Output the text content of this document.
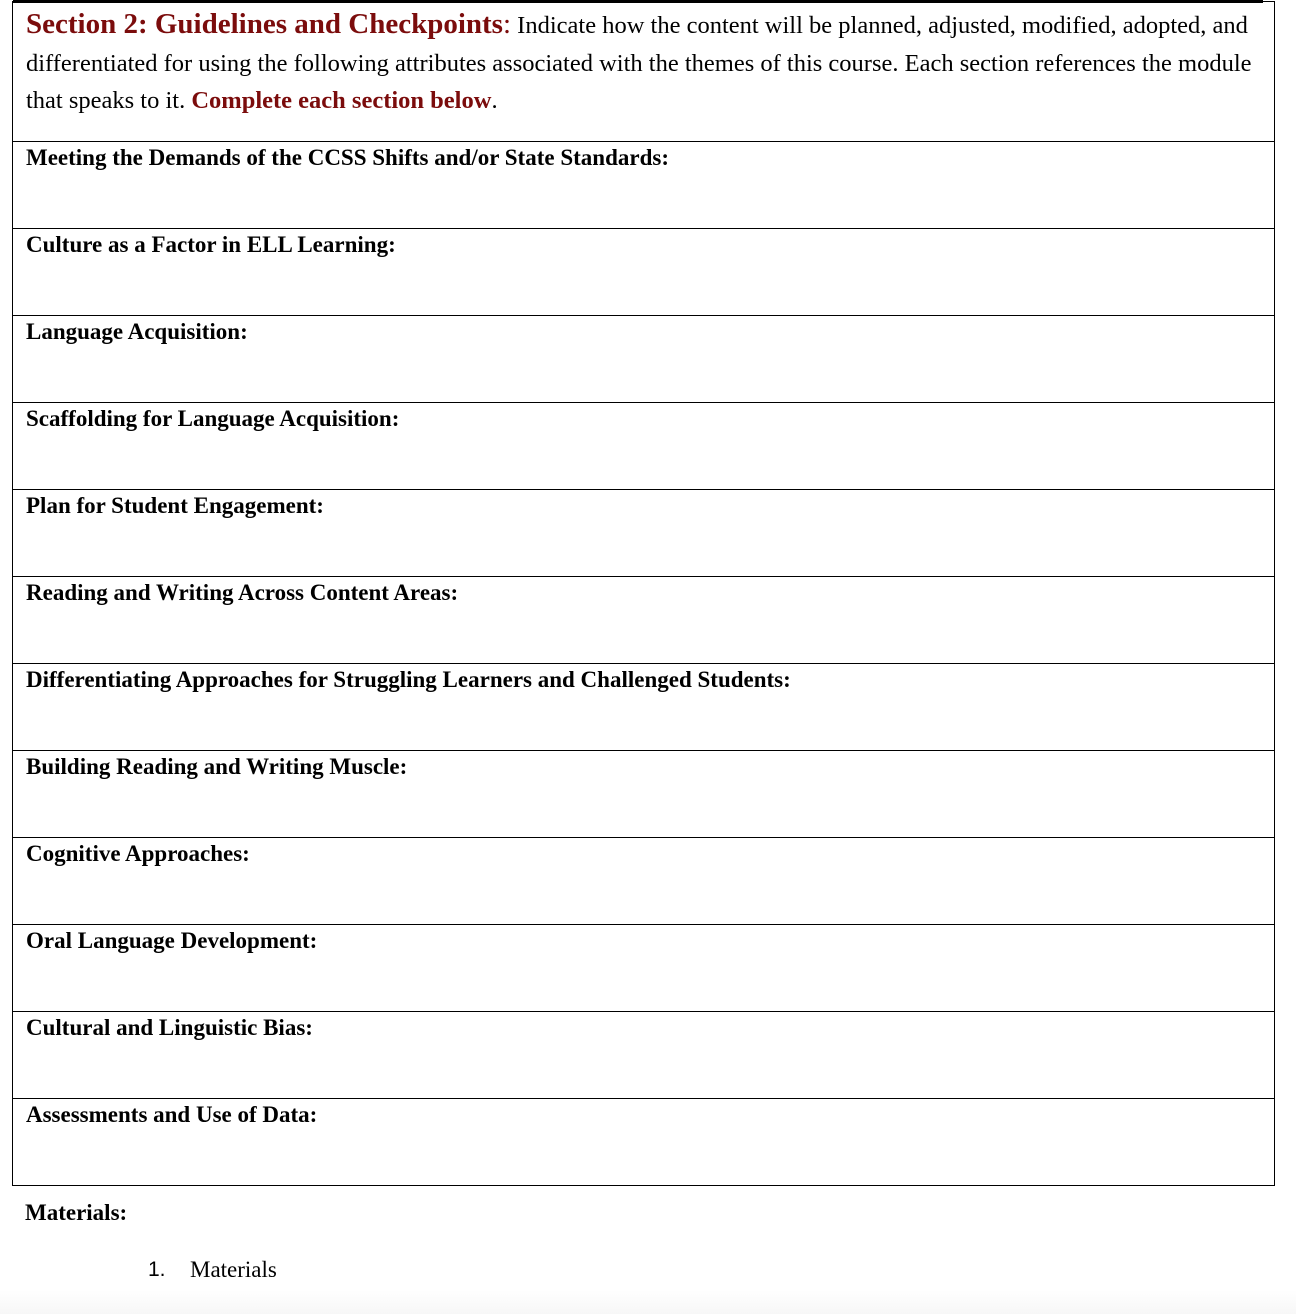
Section 2: Guidelines and Checkpoints: Indicate how the content will be planned, adjusted, modified, adopted, and differentiated for using the following attributes associated with the themes of this course. Each section references the module that speaks to it. Complete each section below.

Meeting the Demands of the CCSS Shifts and/or State Standards:

Culture as a Factor in ELL Learning:

Language Acquisition:

Scaffolding for Language Acquisition:

Plan for Student Engagement:

Reading and Writing Across Content Areas:

Differentiating Approaches for Struggling Learners and Challenged Students:

Building Reading and Writing Muscle:

Cognitive Approaches:

Oral Language Development:

Cultural and Linguistic Bias:

Assessments and Use of Data:
Materials:
1.	Materials
